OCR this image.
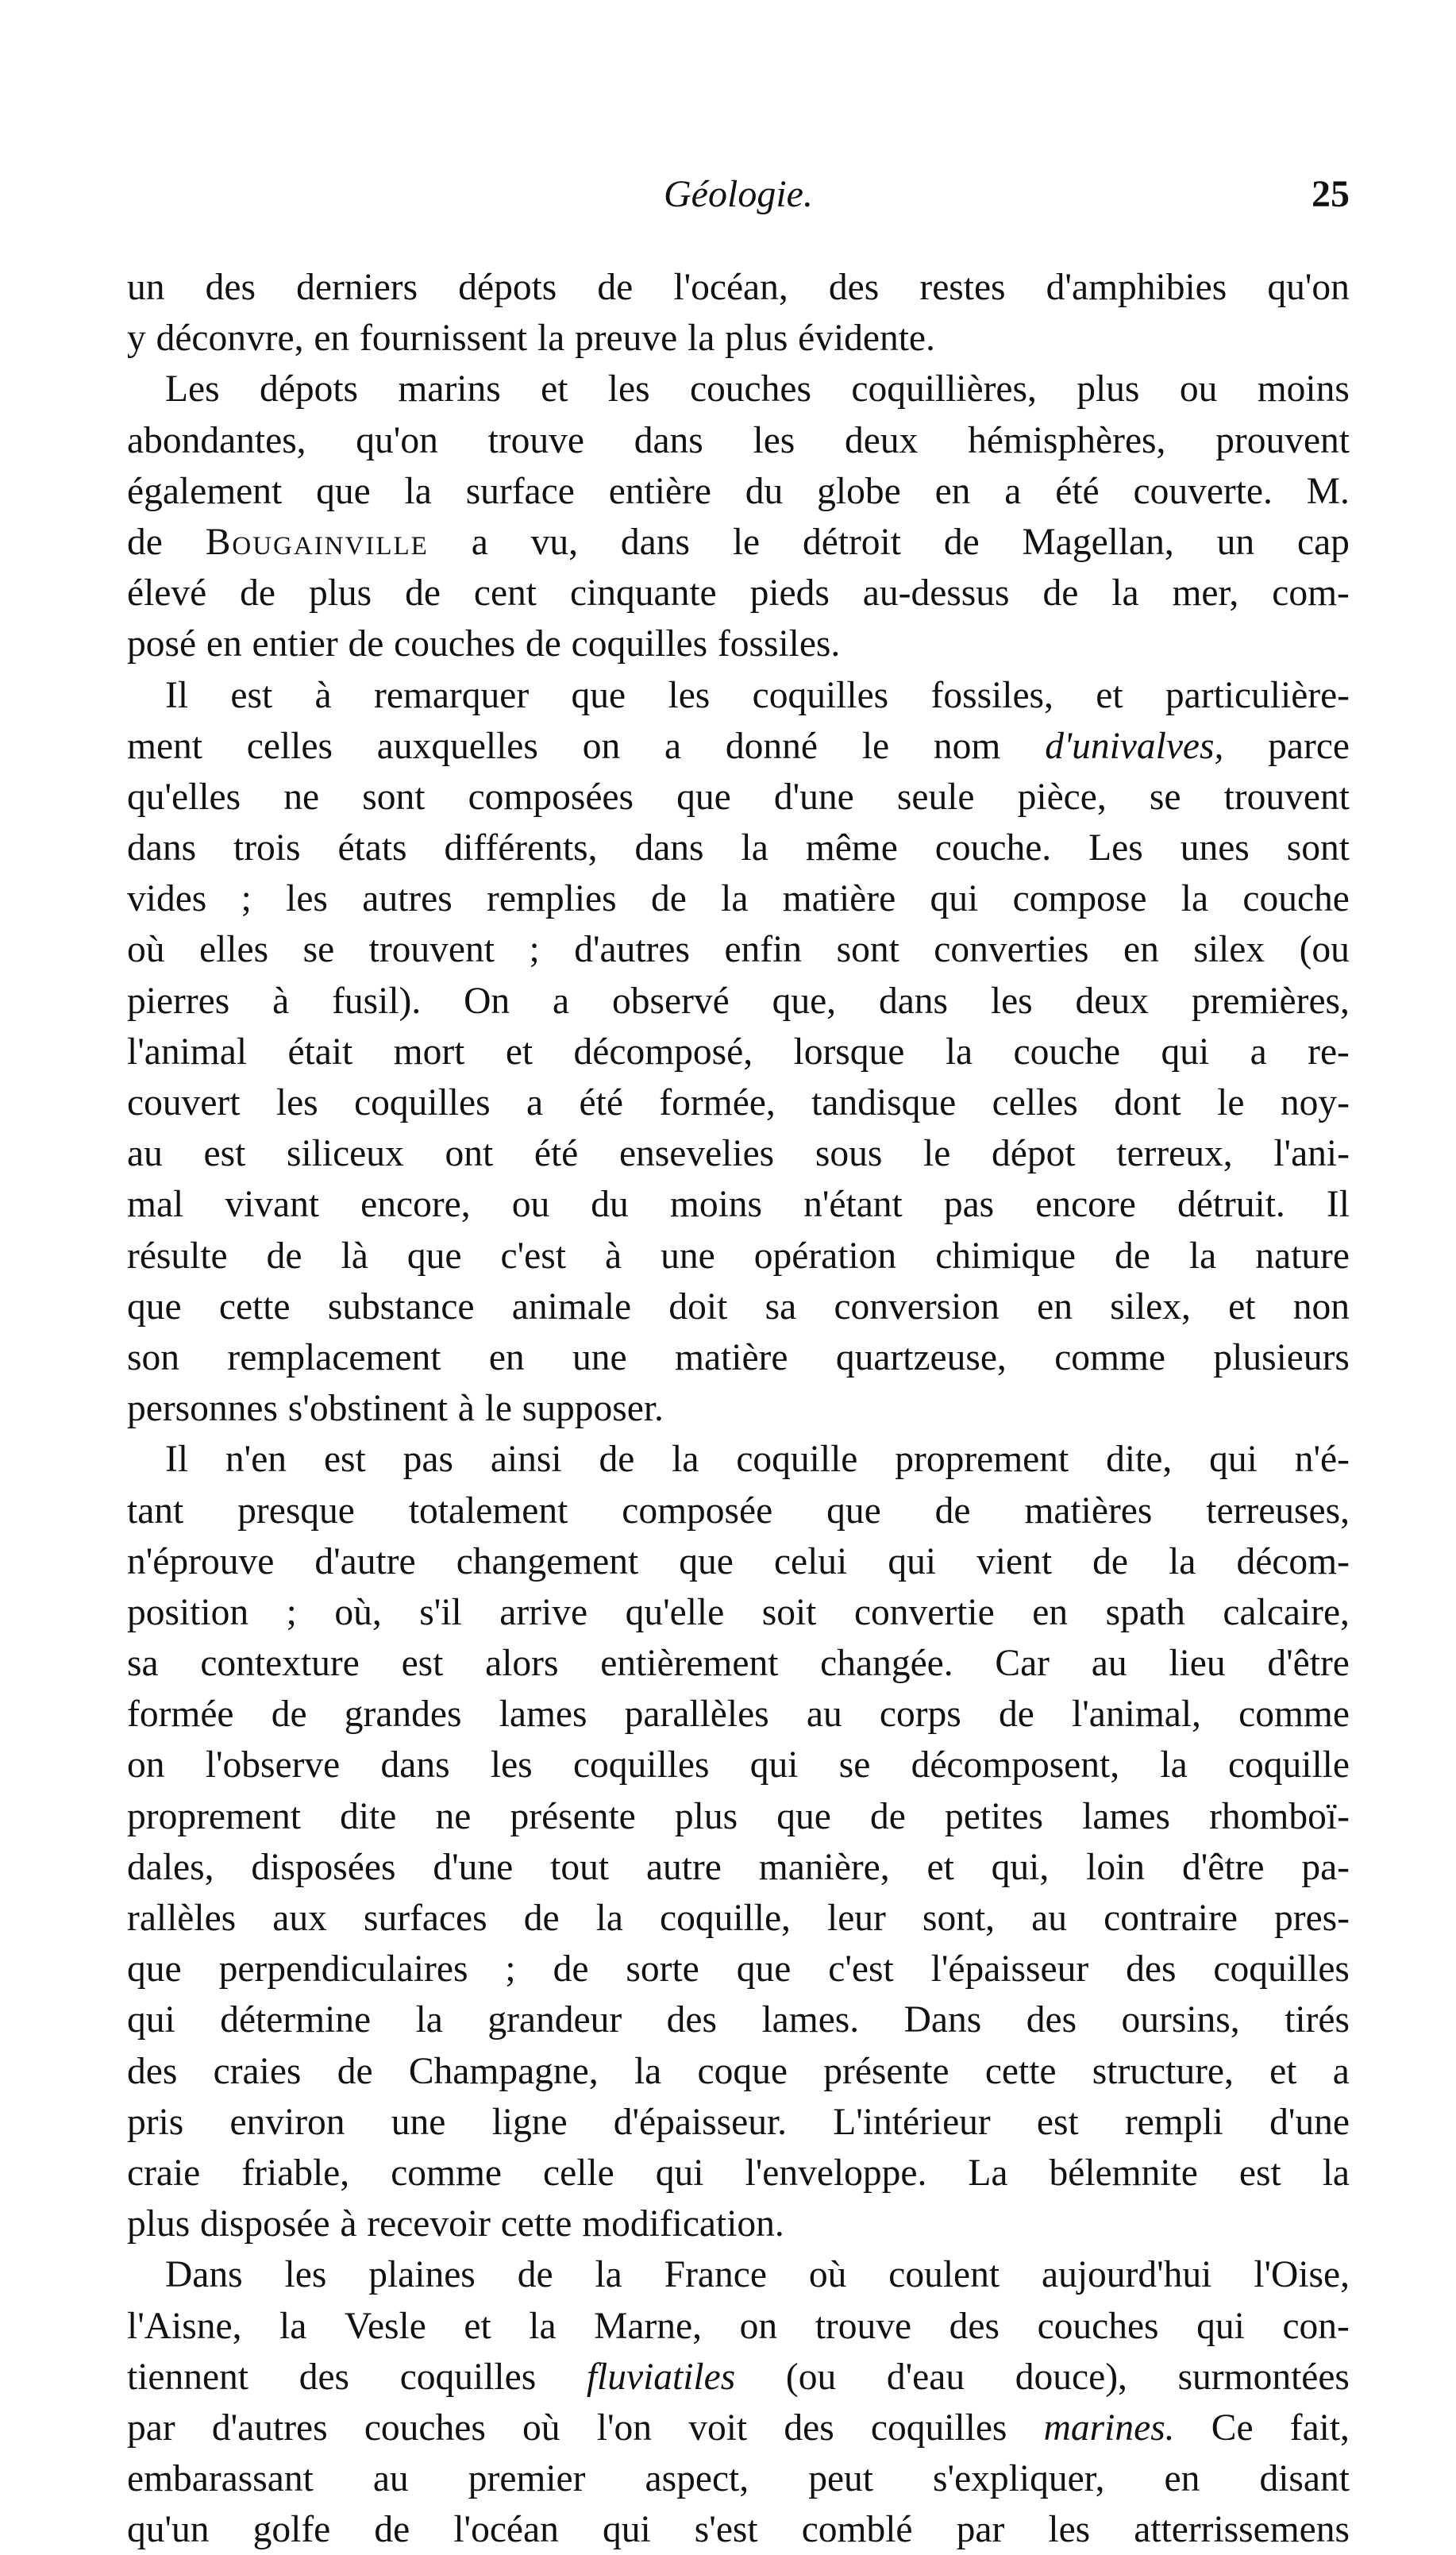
Géologie.	25
un des derniers dépots de l'océan, des restes d'amphibies qu'on
y déconvre, en fournissent la preuve la plus évidente.
Les dépots marins et les couches coquillières, plus ou moins
abondantes, qu'on trouve dans les deux hémisphères, prouvent
également que la surface entière du globe en a été couverte. M.
de Bougainville a vu, dans le détroit de Magellan, un cap
élevé de plus de cent cinquante pieds au-dessus de la mer, com-
posé en entier de couches de coquilles fossiles.
Il est à remarquer que les coquilles fossiles, et particulière-
ment celles auxquelles on a donné le nom d'univalves, parce
qu'elles ne sont composées que d'une seule pièce, se trouvent
dans trois états différents, dans la même couche. Les unes sont
vides ; les autres remplies de la matière qui compose la couche
où elles se trouvent ; d'autres enfin sont converties en silex (ou
pierres à fusil). On a observé que, dans les deux premières,
l'animal était mort et décomposé, lorsque la couche qui a re-
couvert les coquilles a été formée, tandisque celles dont le noy-
au est siliceux ont été ensevelies sous le dépot terreux, l'ani-
mal vivant encore, ou du moins n'étant pas encore détruit. Il
résulte de là que c'est à une opération chimique de la nature
que cette substance animale doit sa conversion en silex, et non
son remplacement en une matière quartzeuse, comme plusieurs
personnes s'obstinent à le supposer.
Il n'en est pas ainsi de la coquille proprement dite, qui n'é-
tant presque totalement composée que de matières terreuses,
n'éprouve d'autre changement que celui qui vient de la décom-
position ; où, s'il arrive qu'elle soit convertie en spath calcaire,
sa contexture est alors entièrement changée. Car au lieu d'être
formée de grandes lames parallèles au corps de l'animal, comme
on l'observe dans les coquilles qui se décomposent, la coquille
proprement dite ne présente plus que de petites lames rhomboï-
dales, disposées d'une tout autre manière, et qui, loin d'être pa-
rallèles aux surfaces de la coquille, leur sont, au contraire pres-
que perpendiculaires ; de sorte que c'est l'épaisseur des coquilles
qui détermine la grandeur des lames. Dans des oursins, tirés
des craies de Champagne, la coque présente cette structure, et a
pris environ une ligne d'épaisseur. L'intérieur est rempli d'une
craie friable, comme celle qui l'enveloppe. La bélemnite est la
plus disposée à recevoir cette modification.
Dans les plaines de la France où coulent aujourd'hui l'Oise,
l'Aisne, la Vesle et la Marne, on trouve des couches qui con-
tiennent des coquilles fluviatiles (ou d'eau douce), surmontées
par d'autres couches où l'on voit des coquilles marines. Ce fait,
embarassant au premier aspect, peut s'expliquer, en disant
qu'un golfe de l'océan qui s'est comblé par les atterrissemens
